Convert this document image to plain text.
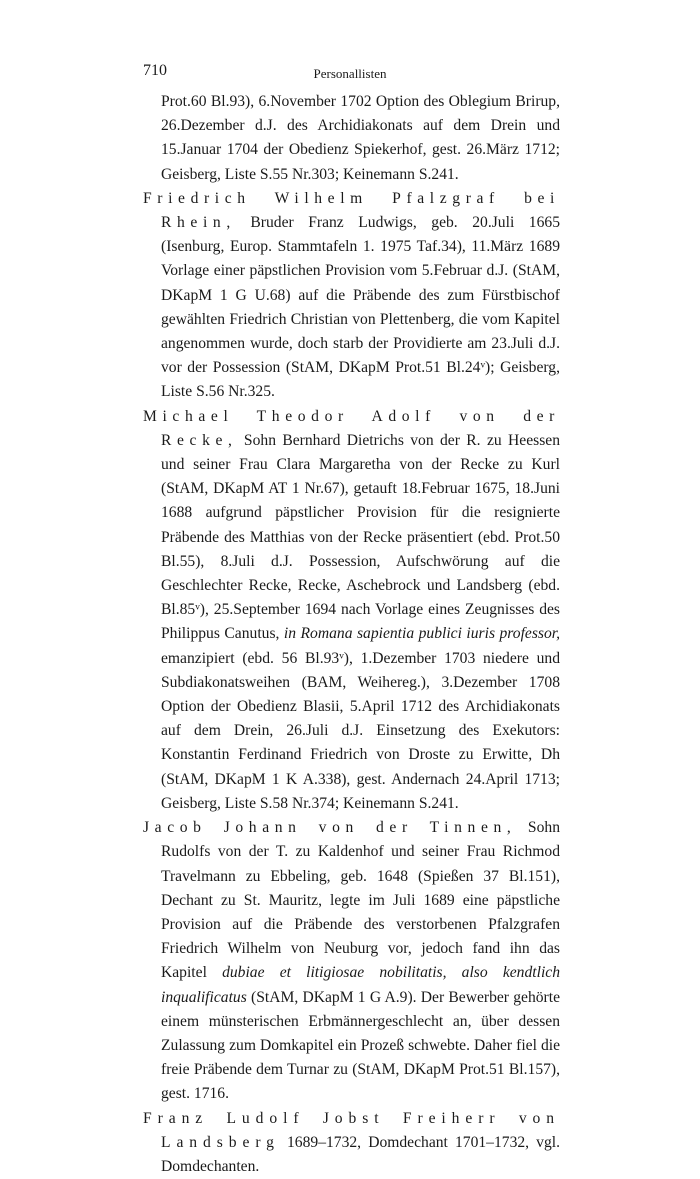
710	Personallisten

Prot.60 Bl.93), 6.November 1702 Option des Oblegium Brirup, 26.Dezember d.J. des Archidiakonats auf dem Drein und 15.Januar 1704 der Obedienz Spiekerhof, gest. 26.März 1712; Geisberg, Liste S.55 Nr.303; Keinemann S.241.

Friedrich Wilhelm Pfalzgraf bei Rhein, Bruder Franz Ludwigs, geb. 20.Juli 1665 (Isenburg, Europ. Stammtafeln 1. 1975 Taf.34), 11.März 1689 Vorlage einer päpstlichen Provision vom 5.Februar d.J. (StAM, DKapM 1 G U.68) auf die Präbende des zum Fürstbischof gewählten Friedrich Christian von Plettenberg, die vom Kapitel angenommen wurde, doch starb der Providierte am 23.Juli d.J. vor der Possession (StAM, DKapM Prot.51 Bl.24ᵛ); Geisberg, Liste S.56 Nr.325.

Michael Theodor Adolf von der Recke, Sohn Bernhard Dietrichs von der R. zu Heessen und seiner Frau Clara Margaretha von der Recke zu Kurl (StAM, DKapM AT 1 Nr.67), getauft 18.Februar 1675, 18.Juni 1688 aufgrund päpstlicher Provision für die resignierte Präbende des Matthias von der Recke präsentiert (ebd. Prot.50 Bl.55), 8.Juli d.J. Possession, Aufschwörung auf die Geschlechter Recke, Recke, Aschebrock und Landsberg (ebd. Bl.85ᵛ), 25.September 1694 nach Vorlage eines Zeugnisses des Philippus Canutus, in Romana sapientia publici iuris professor, emanzipiert (ebd. 56 Bl.93ᵛ), 1.Dezember 1703 niedere und Subdiakonatsweihen (BAM, Weihereg.), 3.Dezember 1708 Option der Obedienz Blasii, 5.April 1712 des Archidiakonats auf dem Drein, 26.Juli d.J. Einsetzung des Exekutors: Konstantin Ferdinand Friedrich von Droste zu Erwitte, Dh (StAM, DKapM 1 K A.338), gest. Andernach 24.April 1713; Geisberg, Liste S.58 Nr.374; Keinemann S.241.

Jacob Johann von der Tinnen, Sohn Rudolfs von der T. zu Kaldenhof und seiner Frau Richmod Travelmann zu Ebbeling, geb. 1648 (Spießen 37 Bl.151), Dechant zu St. Mauritz, legte im Juli 1689 eine päpstliche Provision auf die Präbende des verstorbenen Pfalzgrafen Friedrich Wilhelm von Neuburg vor, jedoch fand ihn das Kapitel dubiae et litigiosae nobilitatis, also kendtlich inqualificatus (StAM, DKapM 1 G A.9). Der Bewerber gehörte einem münsterischen Erbmännergeschlecht an, über dessen Zulassung zum Domkapitel ein Prozeß schwebte. Daher fiel die freie Präbende dem Turnar zu (StAM, DKapM Prot.51 Bl.157), gest. 1716.

Franz Ludolf Jobst Freiherr von Landsberg 1689–1732, Domdechant 1701–1732, vgl. Domdechanten.
